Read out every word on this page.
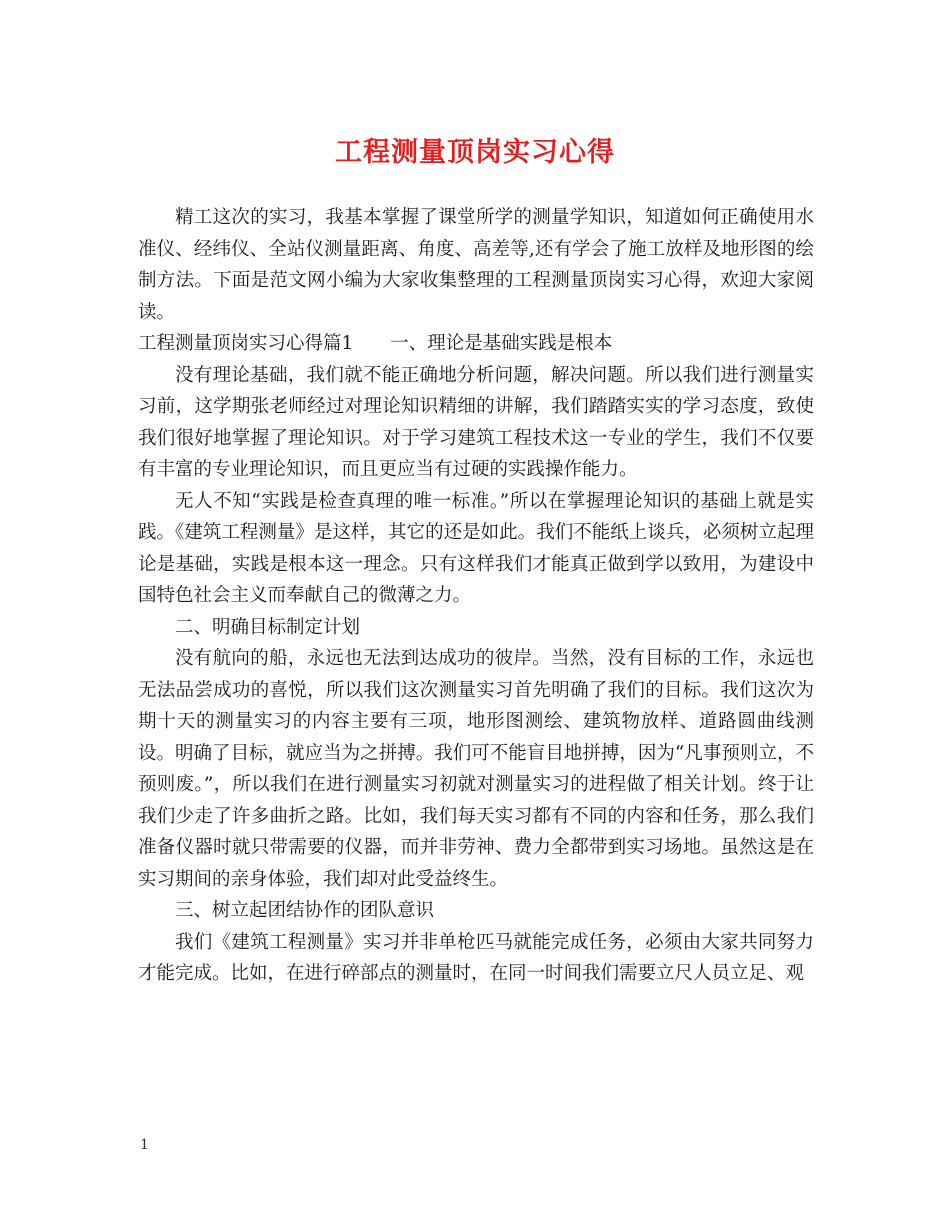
工程测量顶岗实习心得

精工这次的实习，我基本掌握了课堂所学的测量学知识，知道如何正确使用水准仪、经纬仪、全站仪测量距离、角度、高差等,还有学会了施工放样及地形图的绘制方法。下面是范文网小编为大家收集整理的工程测量顶岗实习心得，欢迎大家阅读。

工程测量顶岗实习心得篇1　　一、理论是基础实践是根本

没有理论基础，我们就不能正确地分析问题，解决问题。所以我们进行测量实习前，这学期张老师经过对理论知识精细的讲解，我们踏踏实实的学习态度，致使我们很好地掌握了理论知识。对于学习建筑工程技术这一专业的学生，我们不仅要有丰富的专业理论知识，而且更应当有过硬的实践操作能力。

无人不知“实践是检查真理的唯一标准。”所以在掌握理论知识的基础上就是实践。《建筑工程测量》是这样，其它的还是如此。我们不能纸上谈兵，必须树立起理论是基础，实践是根本这一理念。只有这样我们才能真正做到学以致用，为建设中国特色社会主义而奉献自己的微薄之力。

二、明确目标制定计划

没有航向的船，永远也无法到达成功的彼岸。当然，没有目标的工作，永远也无法品尝成功的喜悦，所以我们这次测量实习首先明确了我们的目标。我们这次为期十天的测量实习的内容主要有三项，地形图测绘、建筑物放样、道路圆曲线测设。明确了目标，就应当为之拼搏。我们可不能盲目地拼搏，因为“凡事预则立，不预则废。”，所以我们在进行测量实习初就对测量实习的进程做了相关计划。终于让我们少走了许多曲折之路。比如，我们每天实习都有不同的内容和任务，那么我们准备仪器时就只带需要的仪器，而并非劳神、费力全都带到实习场地。虽然这是在实习期间的亲身体验，我们却对此受益终生。

三、树立起团结协作的团队意识

我们《建筑工程测量》实习并非单枪匹马就能完成任务，必须由大家共同努力才能完成。比如，在进行碎部点的测量时，在同一时间我们需要立尺人员立足、观

1
